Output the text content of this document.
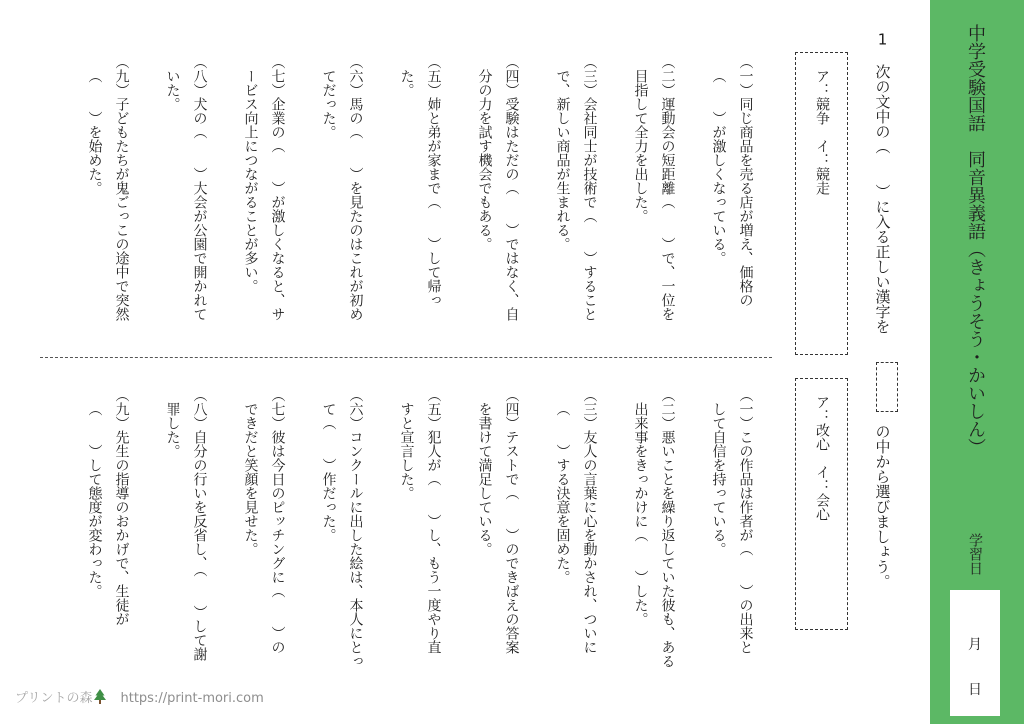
中学受験国語　同音異義語（きょうそう・かいしん）
学習日
月
日
1次の文中の（　　）に入る正しい漢字をの中から選びましょう。
ア：競争　イ：競走
ア：改心　イ：会心
（一）同じ商品を売る店が増え、価格の
（　　）が激しくなっている。
（二）運動会の短距離（　　）で、一位を
目指して全力を出した。
（三）会社同士が技術で（　　）すること
で、新しい商品が生まれる。
（四）受験はただの（　　）ではなく、自
分の力を試す機会でもある。
（五）姉と弟が家まで（　　）して帰っ
た。
（六）馬の（　　）を見たのはこれが初め
てだった。
（七）企業の（　　）が激しくなると、サ
ービス向上につながることが多い。
（八）犬の（　　）大会が公園で開かれて
いた。
（九）子どもたちが鬼ごっこの途中で突然
（　　）を始めた。
（一）この作品は作者が（　　）の出来と
して自信を持っている。
（二）悪いことを繰り返していた彼も、ある
出来事をきっかけに（　　）した。
（三）友人の言葉に心を動かされ、ついに
（　　）する決意を固めた。
（四）テストで（　　）のできばえの答案
を書けて満足している。
（五）犯人が（　　）し、もう一度やり直
すと宣言した。
（六）コンクールに出した絵は、本人にとっ
て（　　）作だった。
（七）彼は今日のピッチングに（　　）の
できだと笑顔を見せた。
（八）自分の行いを反省し、（　　）して謝
罪した。
（九）先生の指導のおかげで、生徒が
（　　）して態度が変わった。
プリントの森 https://print-mori.com
